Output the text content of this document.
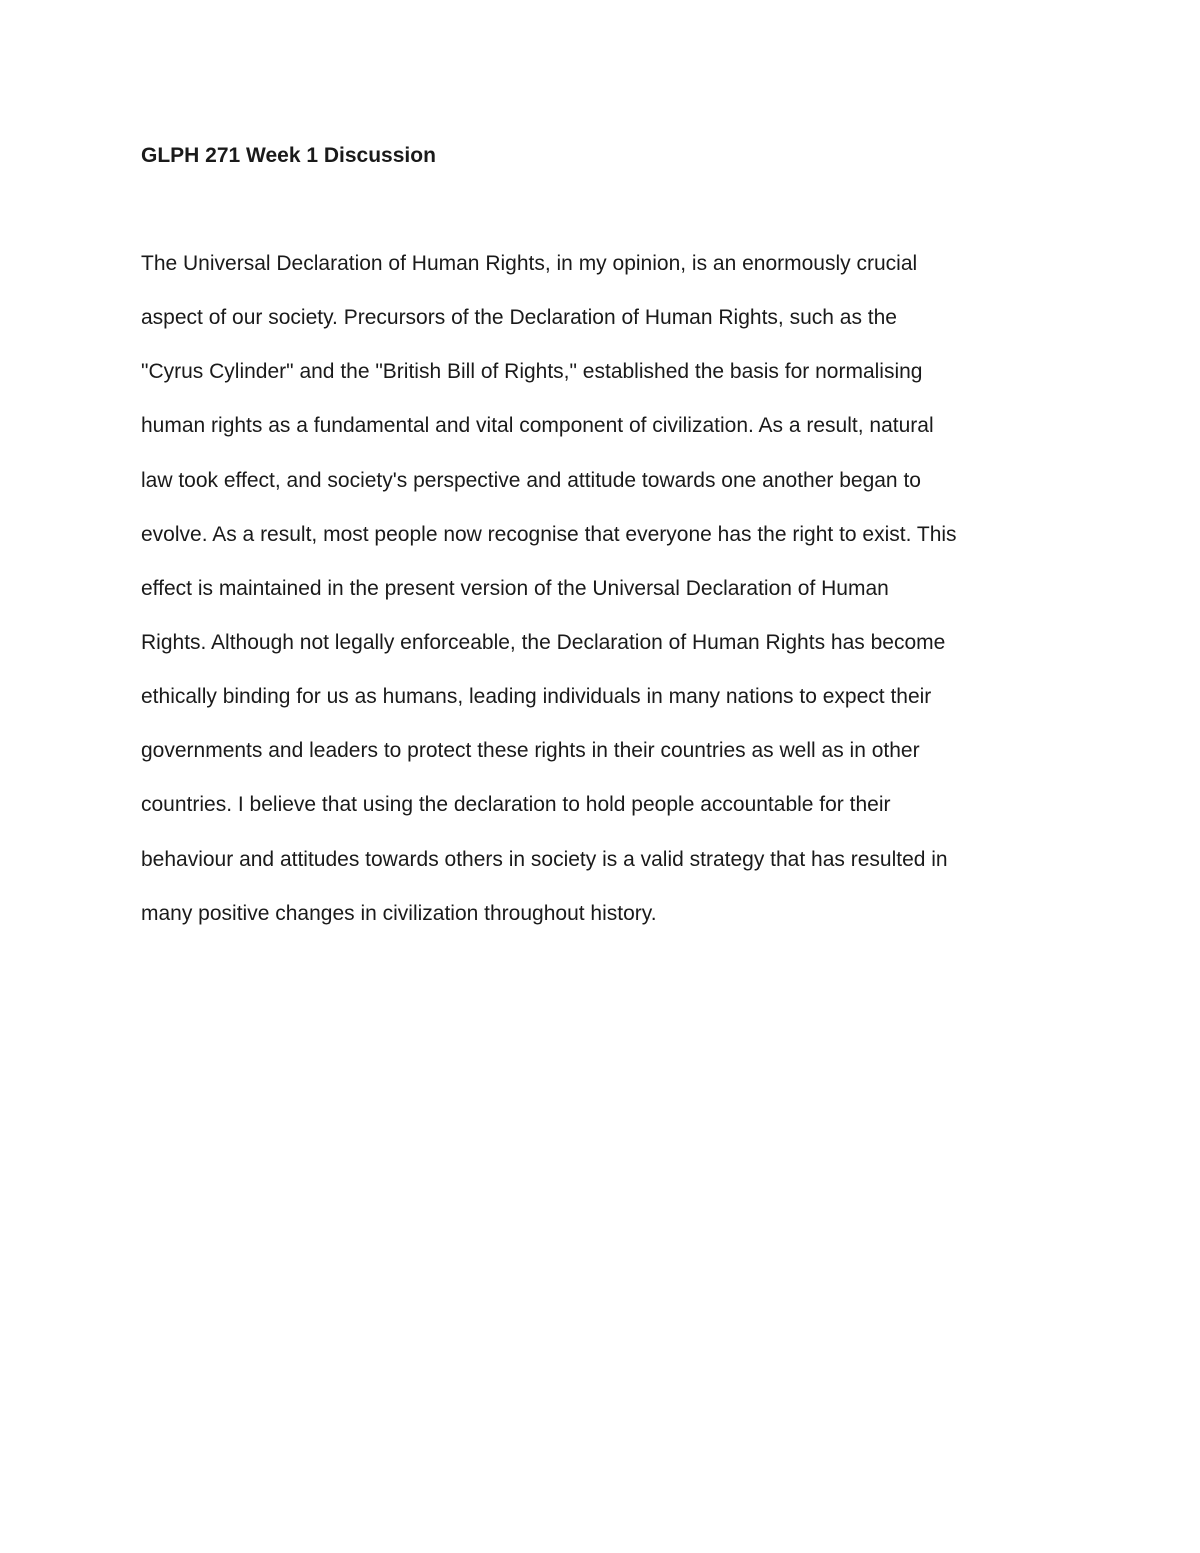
GLPH 271 Week 1 Discussion

The Universal Declaration of Human Rights, in my opinion, is an enormously crucial

aspect of our society. Precursors of the Declaration of Human Rights, such as the

"Cyrus Cylinder" and the "British Bill of Rights," established the basis for normalising

human rights as a fundamental and vital component of civilization. As a result, natural

law took effect, and society's perspective and attitude towards one another began to

evolve. As a result, most people now recognise that everyone has the right to exist. This

effect is maintained in the present version of the Universal Declaration of Human

Rights. Although not legally enforceable, the Declaration of Human Rights has become

ethically binding for us as humans, leading individuals in many nations to expect their

governments and leaders to protect these rights in their countries as well as in other

countries. I believe that using the declaration to hold people accountable for their

behaviour and attitudes towards others in society is a valid strategy that has resulted in

many positive changes in civilization throughout history.
